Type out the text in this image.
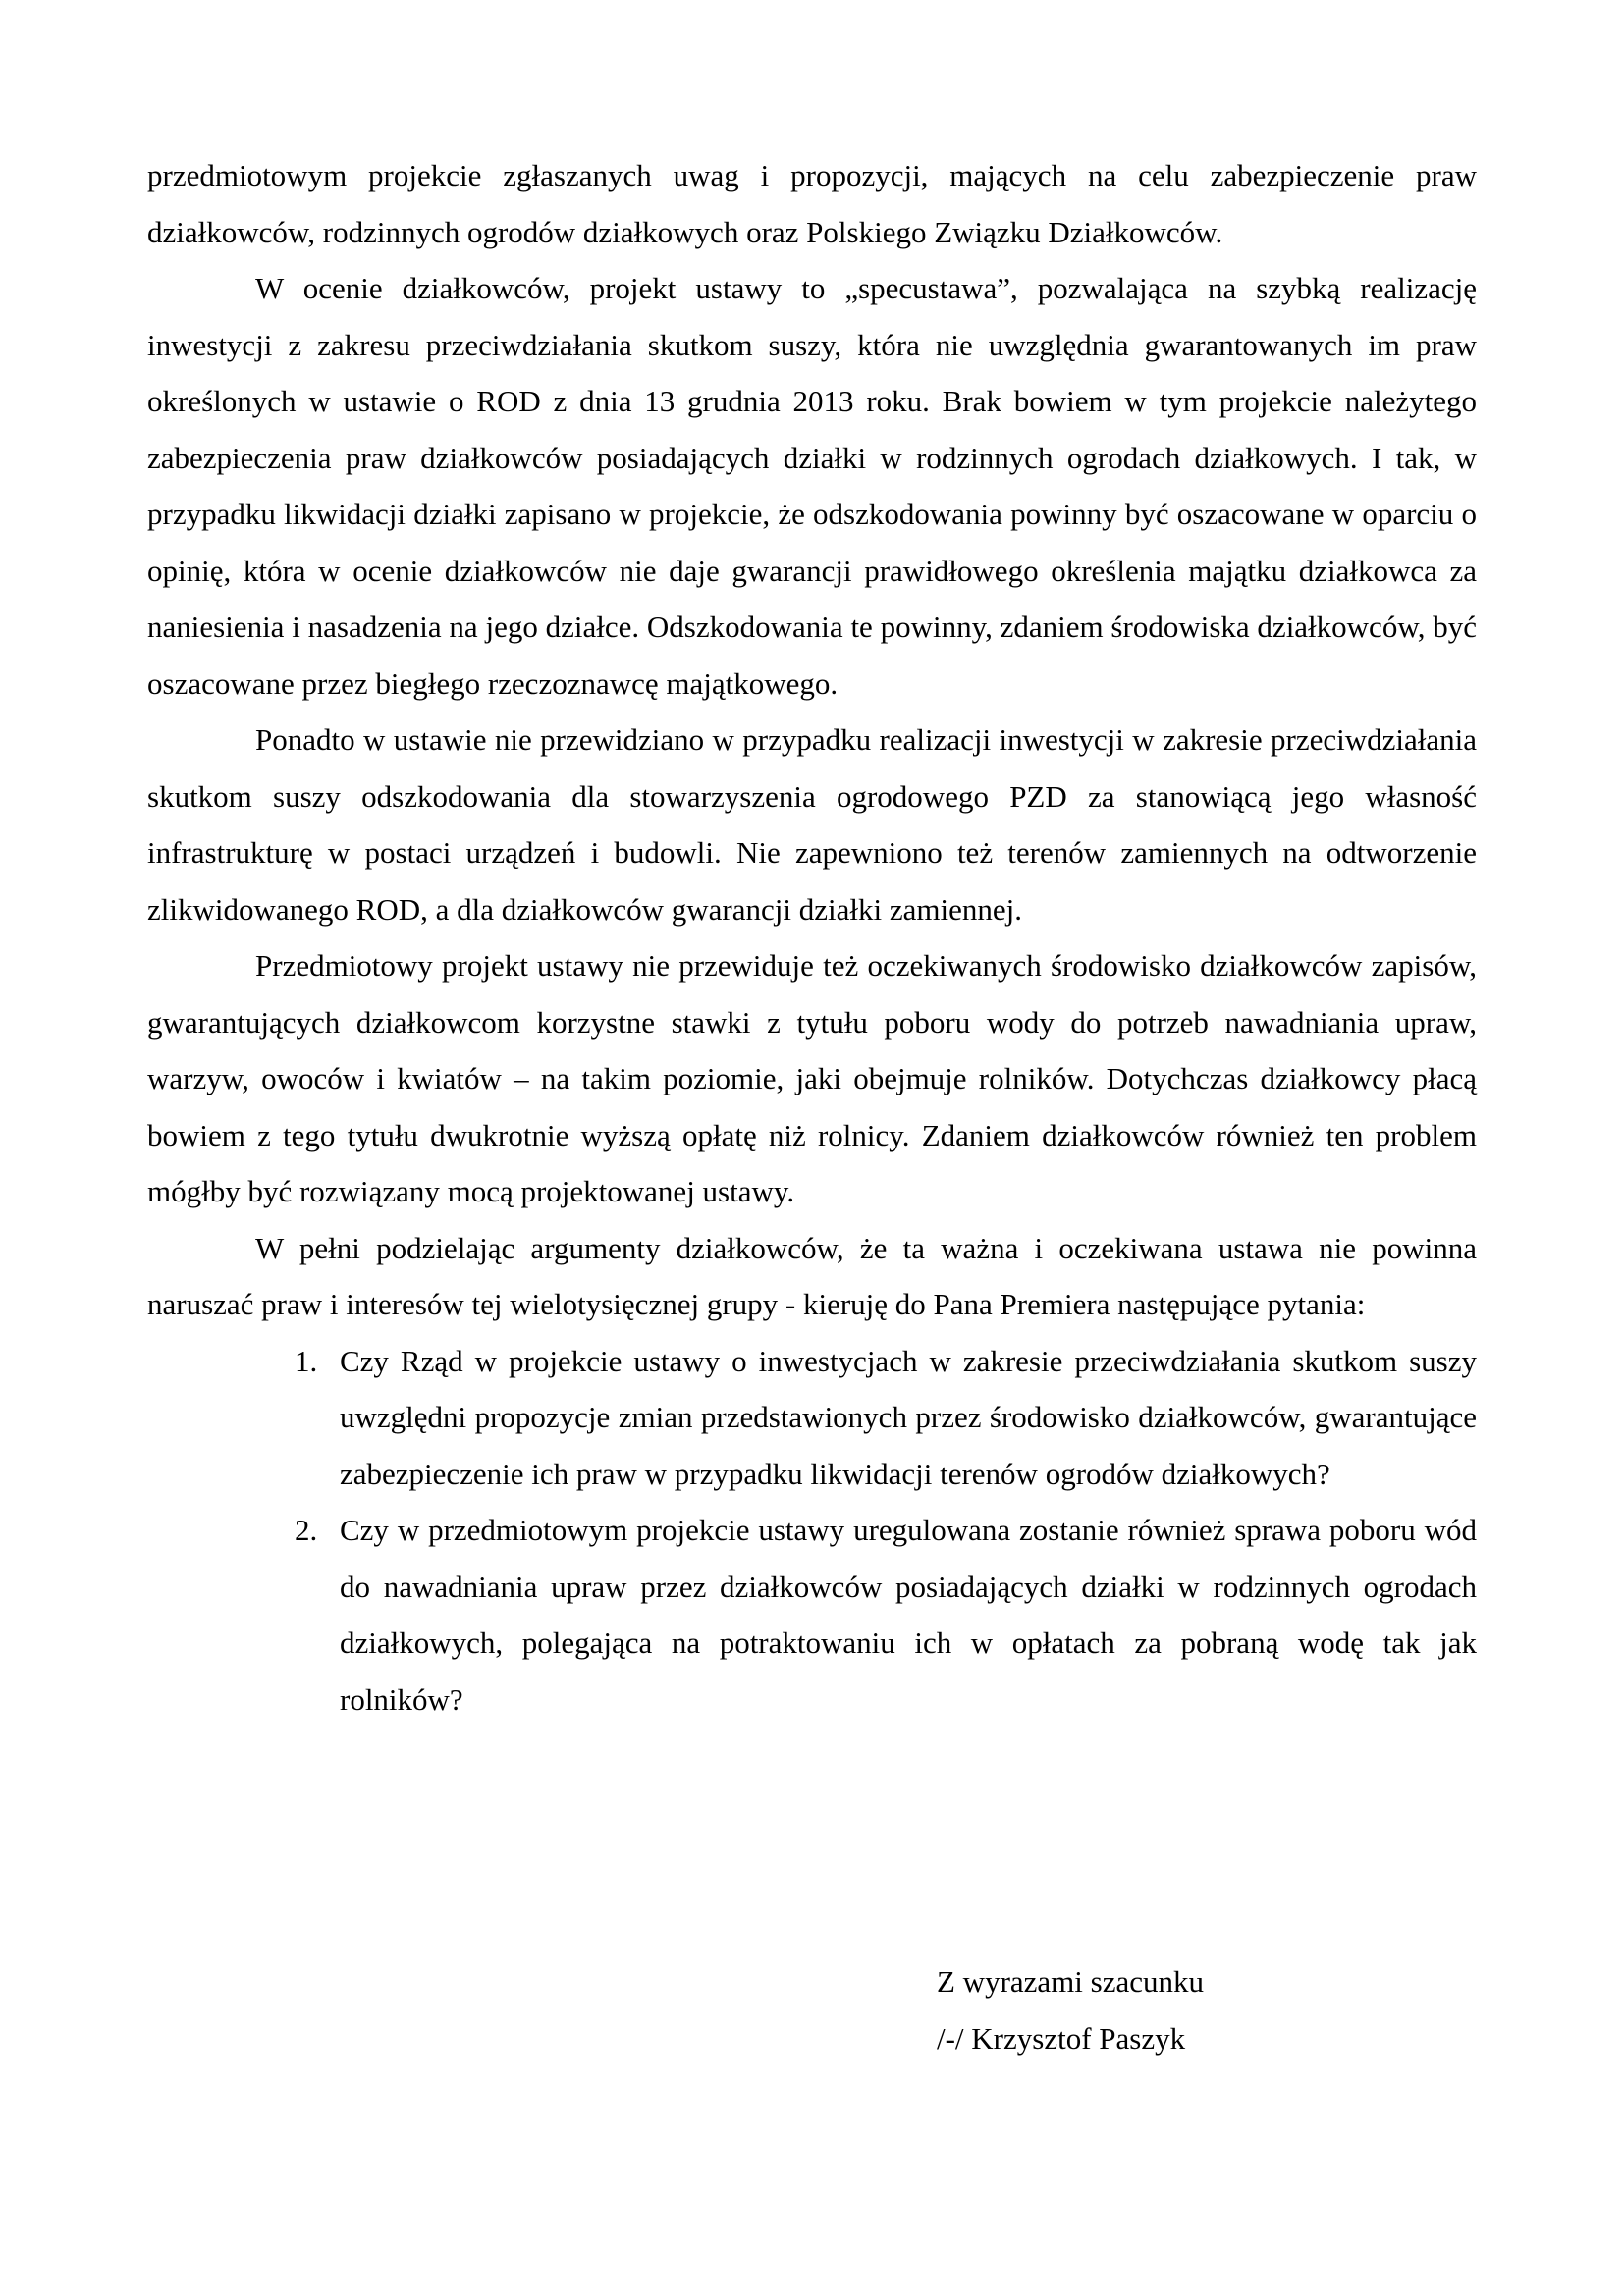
przedmiotowym projekcie zgłaszanych uwag i propozycji, mających na celu zabezpieczenie praw działkowców, rodzinnych ogrodów działkowych oraz Polskiego Związku Działkowców.

W ocenie działkowców, projekt ustawy to „specustawa”, pozwalająca na szybką realizację inwestycji z zakresu przeciwdziałania skutkom suszy, która nie uwzględnia gwarantowanych im praw określonych w ustawie o ROD z dnia 13 grudnia 2013 roku. Brak bowiem w tym projekcie należytego zabezpieczenia praw działkowców posiadających działki w rodzinnych ogrodach działkowych. I tak, w przypadku likwidacji działki zapisano w projekcie, że odszkodowania powinny być oszacowane w oparciu o opinię, która w ocenie działkowców nie daje gwarancji prawidłowego określenia majątku działkowca za naniesienia i nasadzenia na jego działce. Odszkodowania te powinny, zdaniem środowiska działkowców, być oszacowane przez biegłego rzeczoznawcę majątkowego.

Ponadto w ustawie nie przewidziano w przypadku realizacji inwestycji w zakresie przeciwdziałania skutkom suszy odszkodowania dla stowarzyszenia ogrodowego PZD za stanowiącą jego własność infrastrukturę w postaci urządzeń i budowli. Nie zapewniono też terenów zamiennych na odtworzenie zlikwidowanego ROD, a dla działkowców gwarancji działki zamiennej.

Przedmiotowy projekt ustawy nie przewiduje też oczekiwanych środowisko działkowców zapisów, gwarantujących działkowcom korzystne stawki z tytułu poboru wody do potrzeb nawadniania upraw, warzyw, owoców i kwiatów – na takim poziomie, jaki obejmuje rolników. Dotychczas działkowcy płacą bowiem z tego tytułu dwukrotnie wyższą opłatę niż rolnicy. Zdaniem działkowców również ten problem mógłby być rozwiązany mocą projektowanej ustawy.

W pełni podzielając argumenty działkowców, że ta ważna i oczekiwana ustawa nie powinna naruszać praw i interesów tej wielotysięcznej grupy - kieruję do Pana Premiera następujące pytania:

1. Czy Rząd w projekcie ustawy o inwestycjach w zakresie przeciwdziałania skutkom suszy uwzględni propozycje zmian przedstawionych przez środowisko działkowców, gwarantujące zabezpieczenie ich praw w przypadku likwidacji terenów ogrodów działkowych?
2. Czy w przedmiotowym projekcie ustawy uregulowana zostanie również sprawa poboru wód do nawadniania upraw przez działkowców posiadających działki w rodzinnych ogrodach działkowych, polegająca na potraktowaniu ich w opłatach za pobraną wodę tak jak rolników?
Z wyrazami szacunku
/-/ Krzysztof Paszyk
